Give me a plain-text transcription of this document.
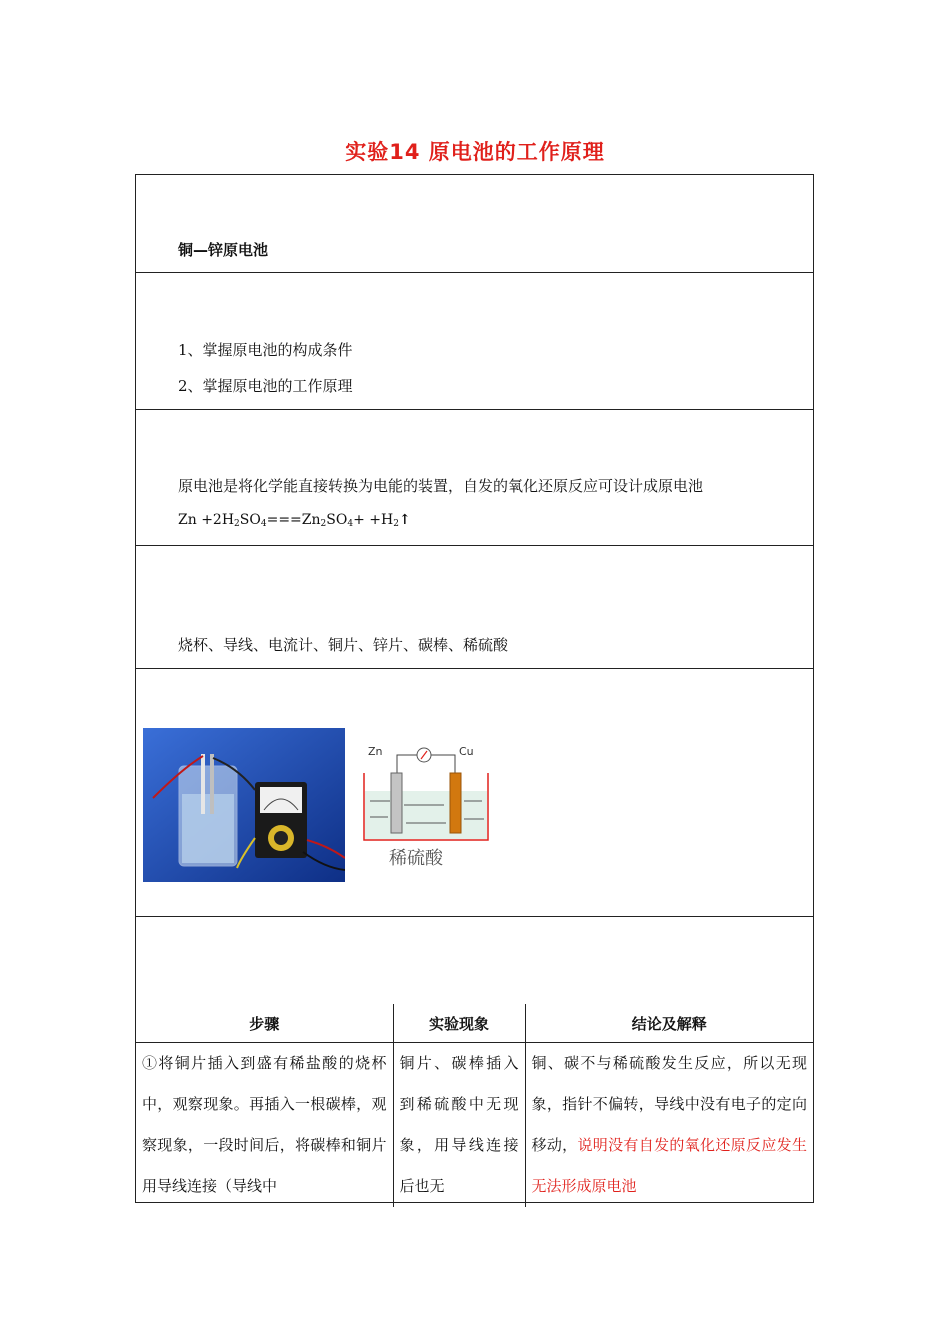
实验14 原电池的工作原理
铜—锌原电池
1、掌握原电池的构成条件
2、掌握原电池的工作原理
原电池是将化学能直接转换为电能的装置，自发的氧化还原反应可设计成原电池
$Zn +2H_2SO_4===Zn_2SO_4+$ $+H_2↑$
烧杯、导线、电流计、铜片、锌片、碳棒、稀硫酸
Zn	Cu
稀硫酸
步骤	实验现象	结论及解释
①将铜片插入到盛有稀盐酸的烧杯中，观察现象。再插入一根碳棒，观察现象，一段时间后，将碳棒和铜片用导线连接（导线中	铜片、碳棒插入到稀硫酸中无现象，用导线连接后也无	铜、碳不与稀硫酸发生反应，所以无现象，指针不偏转，导线中没有电子的定向移动，说明没有自发的氧化还原反应发生无法形成原电池
